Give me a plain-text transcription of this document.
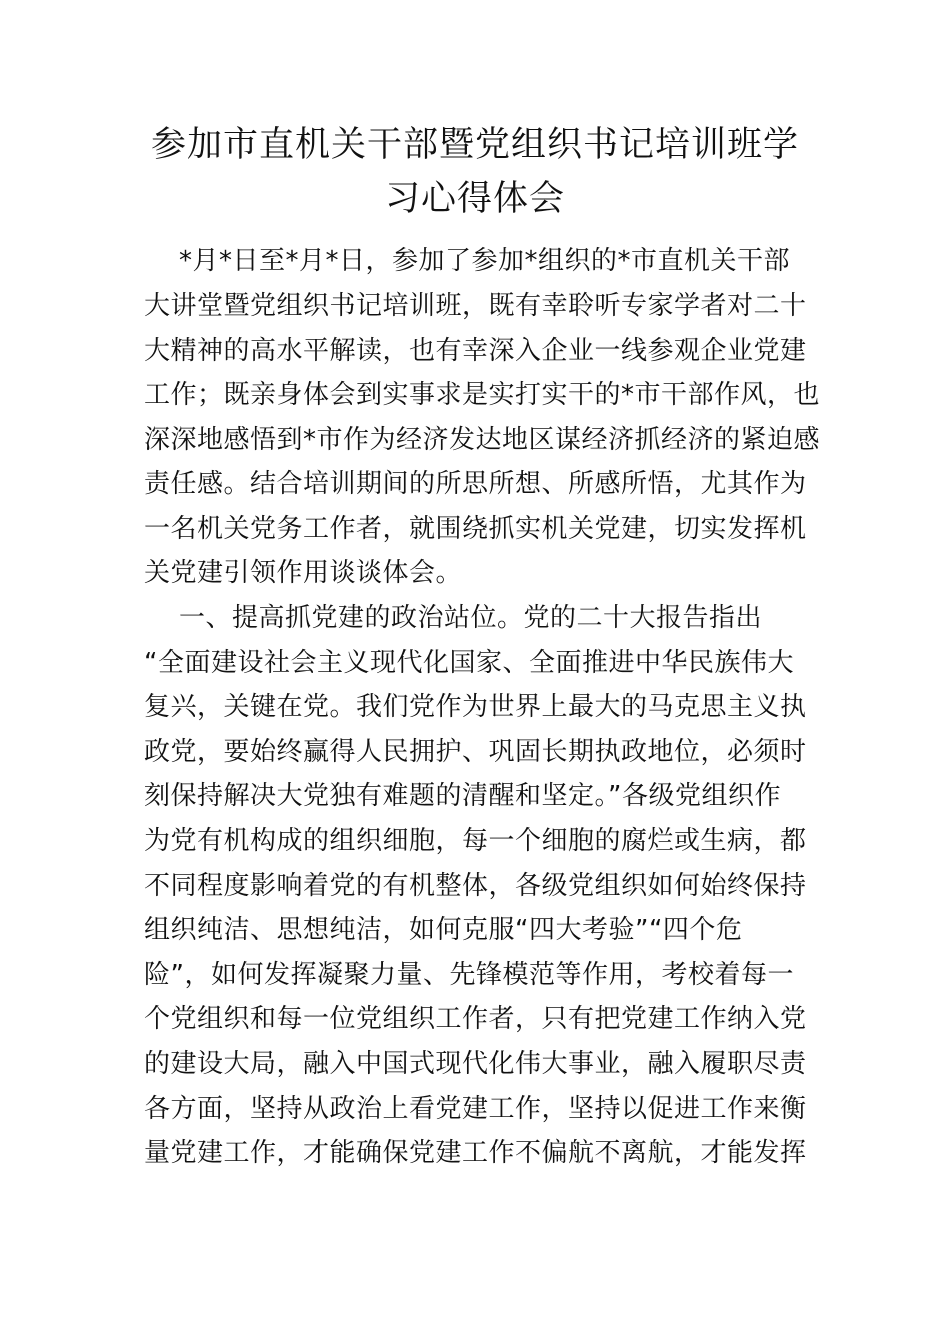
参加市直机关干部暨党组织书记培训班学
习心得体会

*月*日至*月*日，参加了参加*组织的*市直机关干部

大讲堂暨党组织书记培训班，既有幸聆听专家学者对二十

大精神的高水平解读，也有幸深入企业一线参观企业党建

工作；既亲身体会到实事求是实打实干的*市干部作风，也

深深地感悟到*市作为经济发达地区谋经济抓经济的紧迫感

责任感。结合培训期间的所思所想、所感所悟，尤其作为

一名机关党务工作者，就围绕抓实机关党建，切实发挥机

关党建引领作用谈谈体会。

一、提高抓党建的政治站位。党的二十大报告指出

“全面建设社会主义现代化国家、全面推进中华民族伟大

复兴，关键在党。我们党作为世界上最大的马克思主义执

政党，要始终赢得人民拥护、巩固长期执政地位，必须时

刻保持解决大党独有难题的清醒和坚定。”各级党组织作

为党有机构成的组织细胞，每一个细胞的腐烂或生病，都

不同程度影响着党的有机整体，各级党组织如何始终保持

组织纯洁、思想纯洁，如何克服“四大考验”“四个危

险”，如何发挥凝聚力量、先锋模范等作用，考校着每一

个党组织和每一位党组织工作者，只有把党建工作纳入党

的建设大局，融入中国式现代化伟大事业，融入履职尽责

各方面，坚持从政治上看党建工作，坚持以促进工作来衡

量党建工作，才能确保党建工作不偏航不离航，才能发挥
